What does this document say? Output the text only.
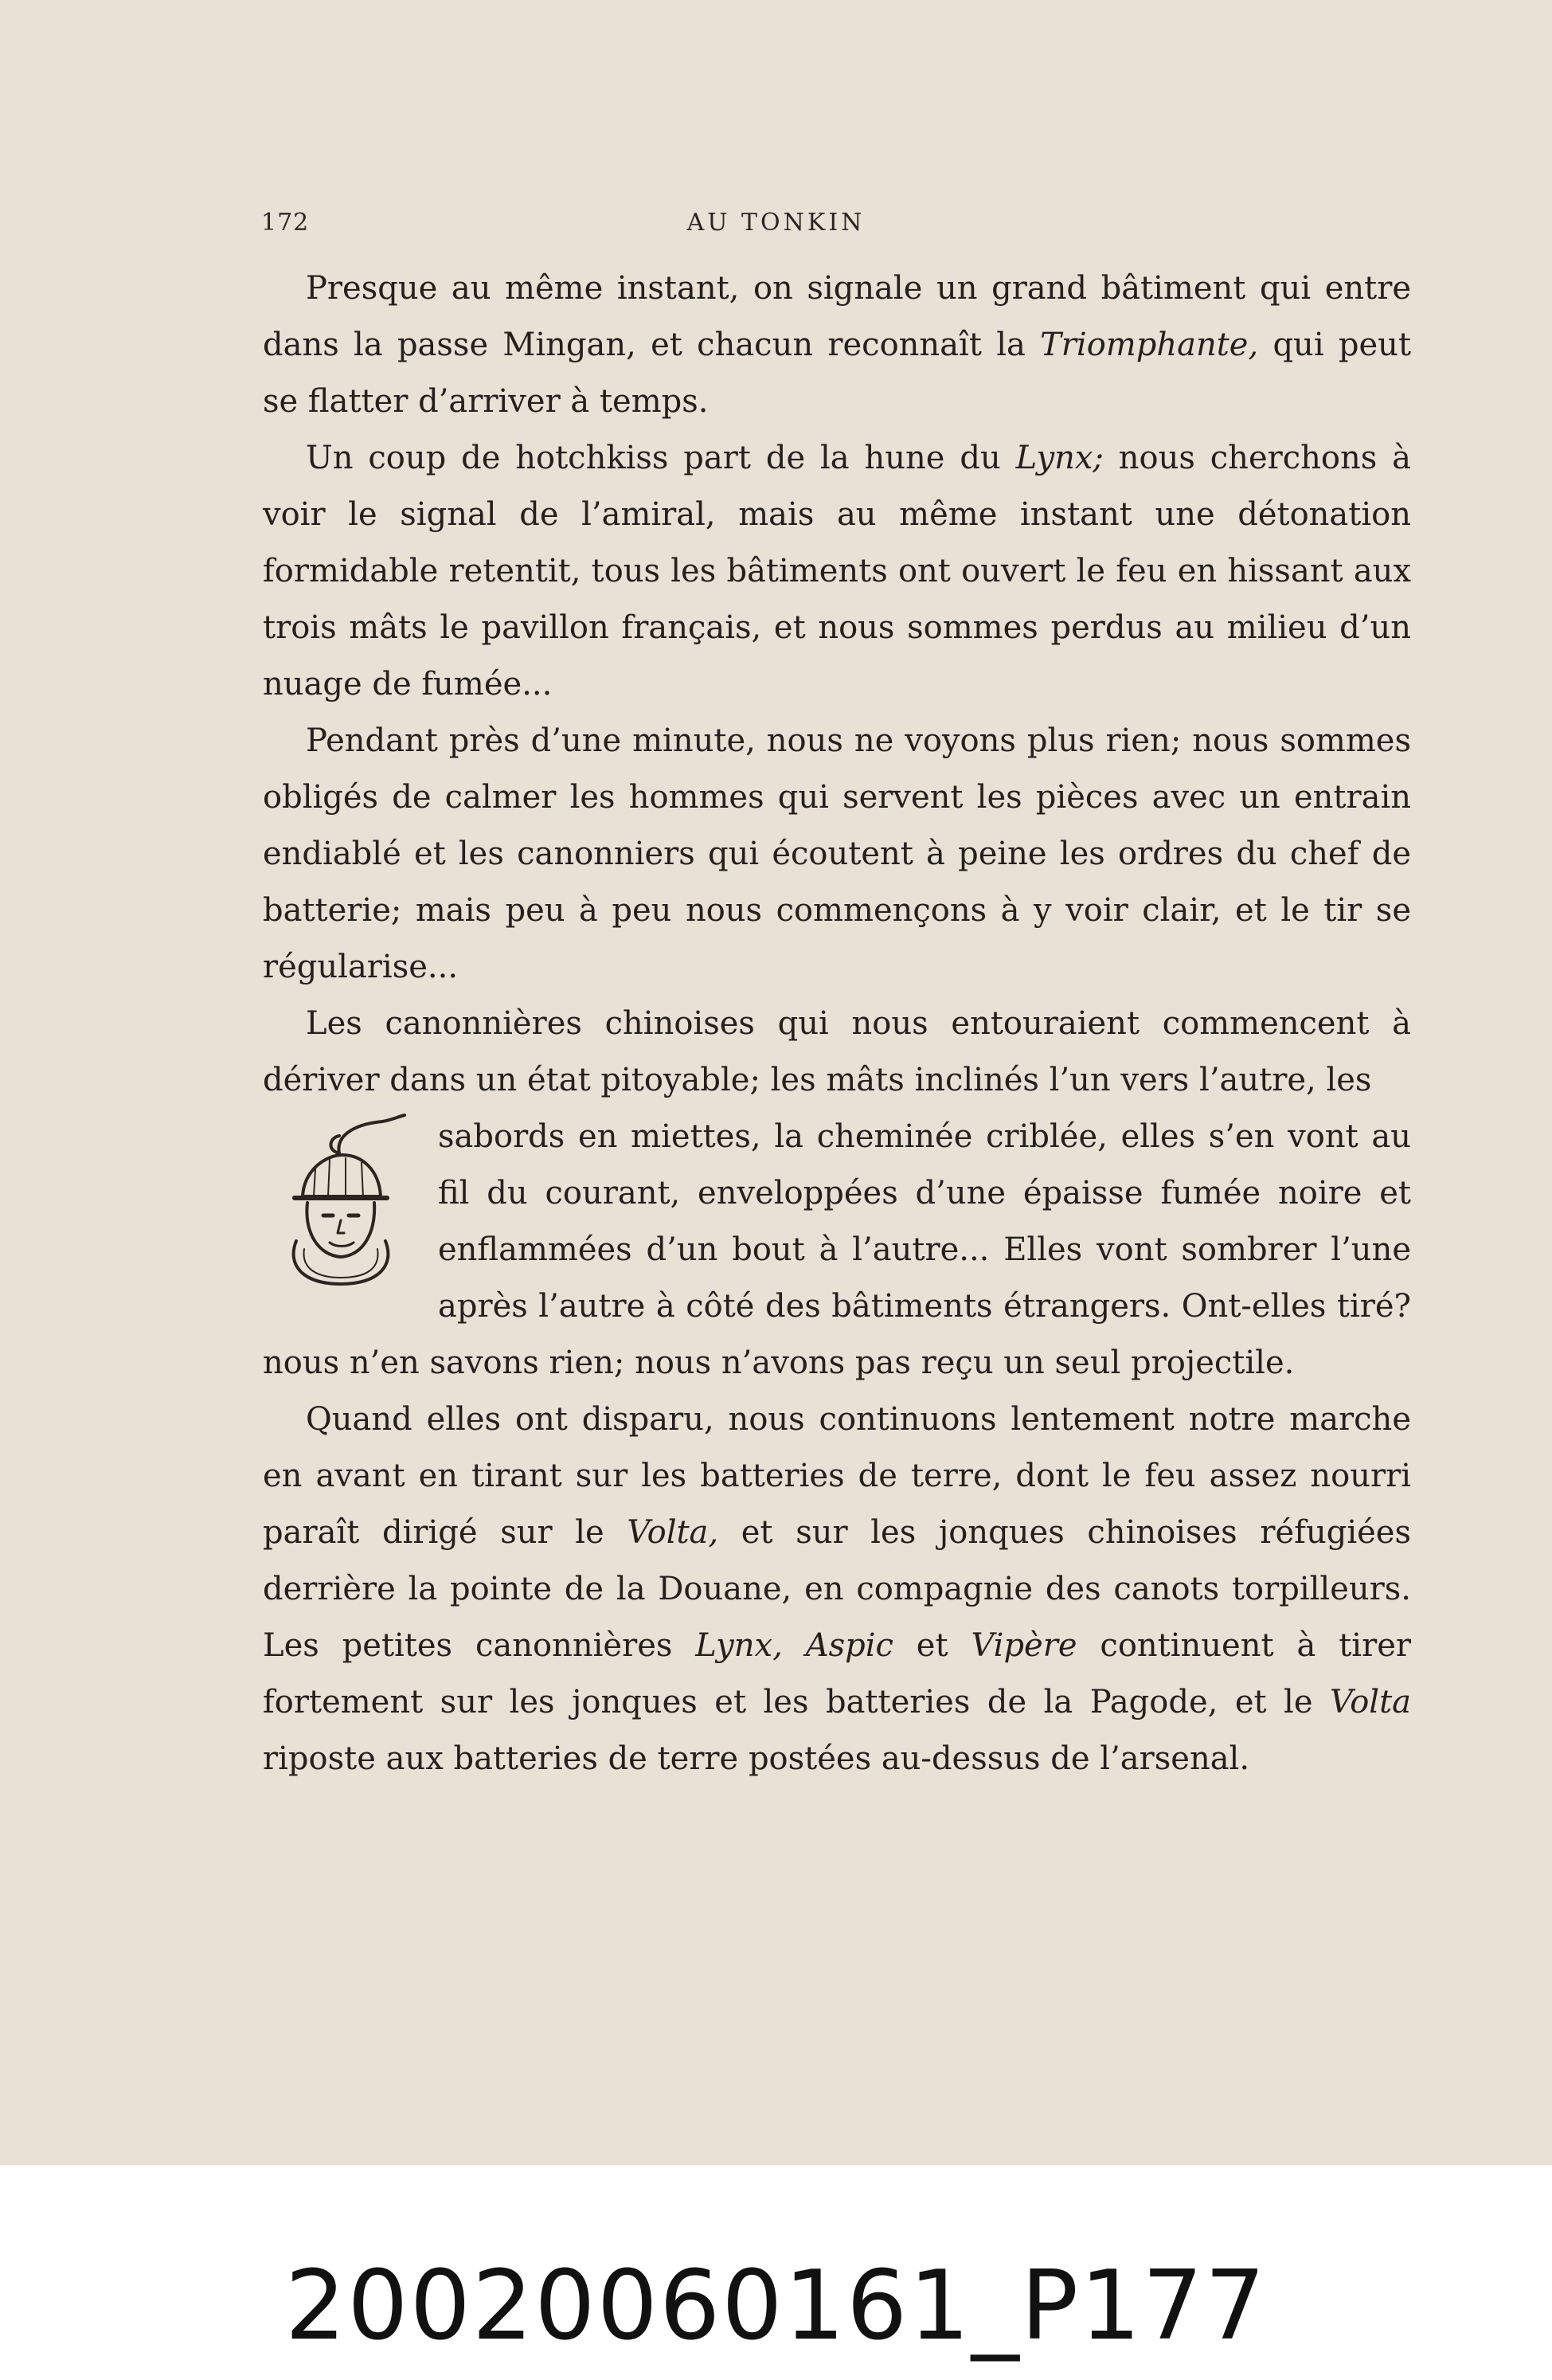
172	AU TONKIN

Presque au même instant, on signale un grand bâtiment qui entre dans la passe Mingan, et chacun reconnaît la Triomphante, qui peut se flatter d’arriver à temps.

Un coup de hotchkiss part de la hune du Lynx; nous cherchons à voir le signal de l’amiral, mais au même instant une détonation formidable retentit, tous les bâtiments ont ouvert le feu en hissant aux trois mâts le pavillon français, et nous sommes perdus au milieu d’un nuage de fumée...

Pendant près d’une minute, nous ne voyons plus rien; nous sommes obligés de calmer les hommes qui servent les pièces avec un entrain endiablé et les canonniers qui écoutent à peine les ordres du chef de batterie; mais peu à peu nous commençons à y voir clair, et le tir se régularise...

Les canonnières chinoises qui nous entouraient commencent à dériver dans un état pitoyable; les mâts inclinés l’un vers l’autre, les

sabords en miettes, la cheminée criblée, elles s’en vont au fil du courant, enveloppées d’une épaisse fumée noire et enflammées d’un bout à l’autre... Elles vont sombrer l’une après l’autre à côté des bâtiments étrangers. Ont-elles tiré? nous n’en savons rien; nous n’avons pas reçu un seul projectile.

Quand elles ont disparu, nous continuons lentement notre marche en avant en tirant sur les batteries de terre, dont le feu assez nourri paraît dirigé sur le Volta, et sur les jonques chinoises réfugiées derrière la pointe de la Douane, en compagnie des canots torpilleurs. Les petites canonnières Lynx, Aspic et Vipère continuent à tirer fortement sur les jonques et les batteries de la Pagode, et le Volta riposte aux batteries de terre postées au-dessus de l’arsenal.

20020060161_P177
